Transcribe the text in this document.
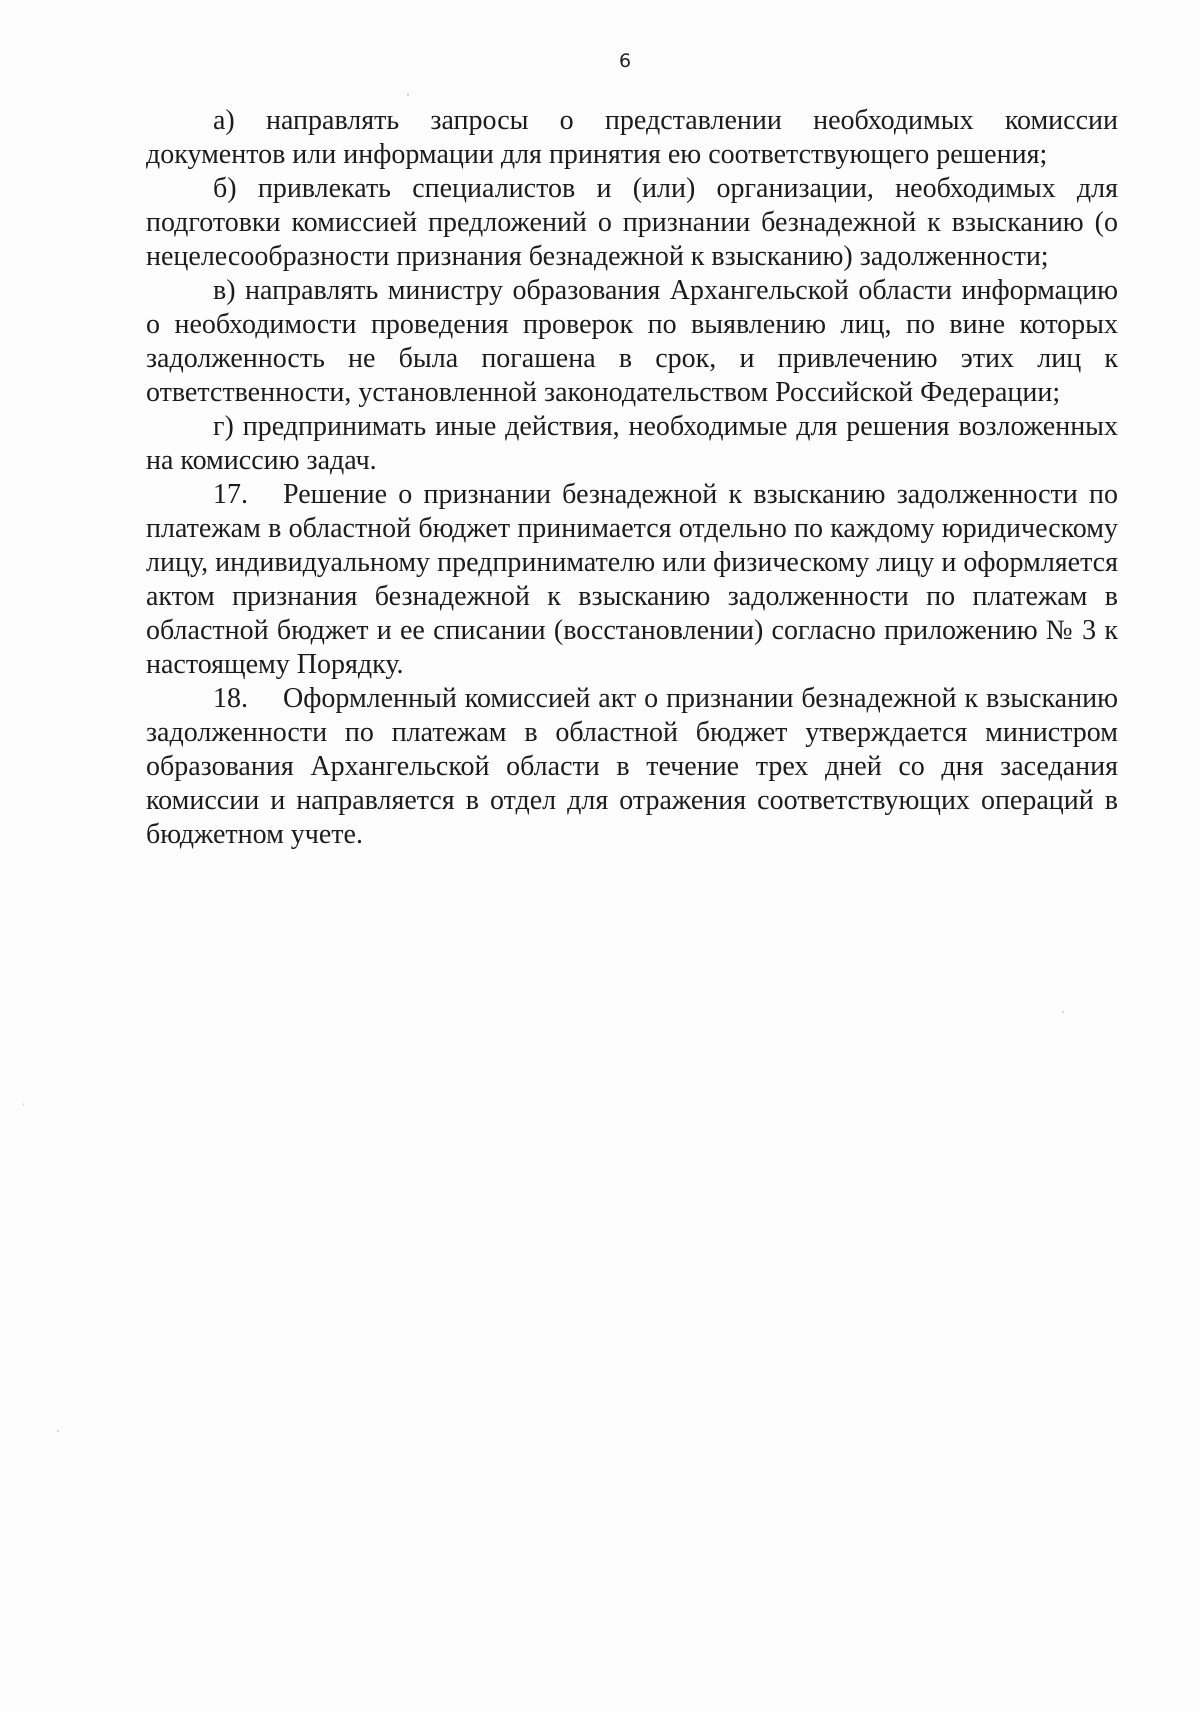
6

а) направлять запросы о представлении необходимых комиссии документов или информации для принятия ею соответствующего решения;

б) привлекать специалистов и (или) организации, необходимых для подготовки комиссией предложений о признании безнадежной к взысканию (о нецелесообразности признания безнадежной к взысканию) задолженности;

в) направлять министру образования Архангельской области информацию о необходимости проведения проверок по выявлению лиц, по вине которых задолженность не была погашена в срок, и привлечению этих лиц к ответственности, установленной законодательством Российской Федерации;

г) предпринимать иные действия, необходимые для решения возложенных на комиссию задач.

17. Решение о признании безнадежной к взысканию задолженности по платежам в областной бюджет принимается отдельно по каждому юридическому лицу, индивидуальному предпринимателю или физическому лицу и оформляется актом признания безнадежной к взысканию задолженности по платежам в областной бюджет и ее списании (восстановлении) согласно приложению № 3 к настоящему Порядку.

18. Оформленный комиссией акт о признании безнадежной к взысканию задолженности по платежам в областной бюджет утверждается министром образования Архангельской области в течение трех дней со дня заседания комиссии и направляется в отдел для отражения соответствующих операций в бюджетном учете.
